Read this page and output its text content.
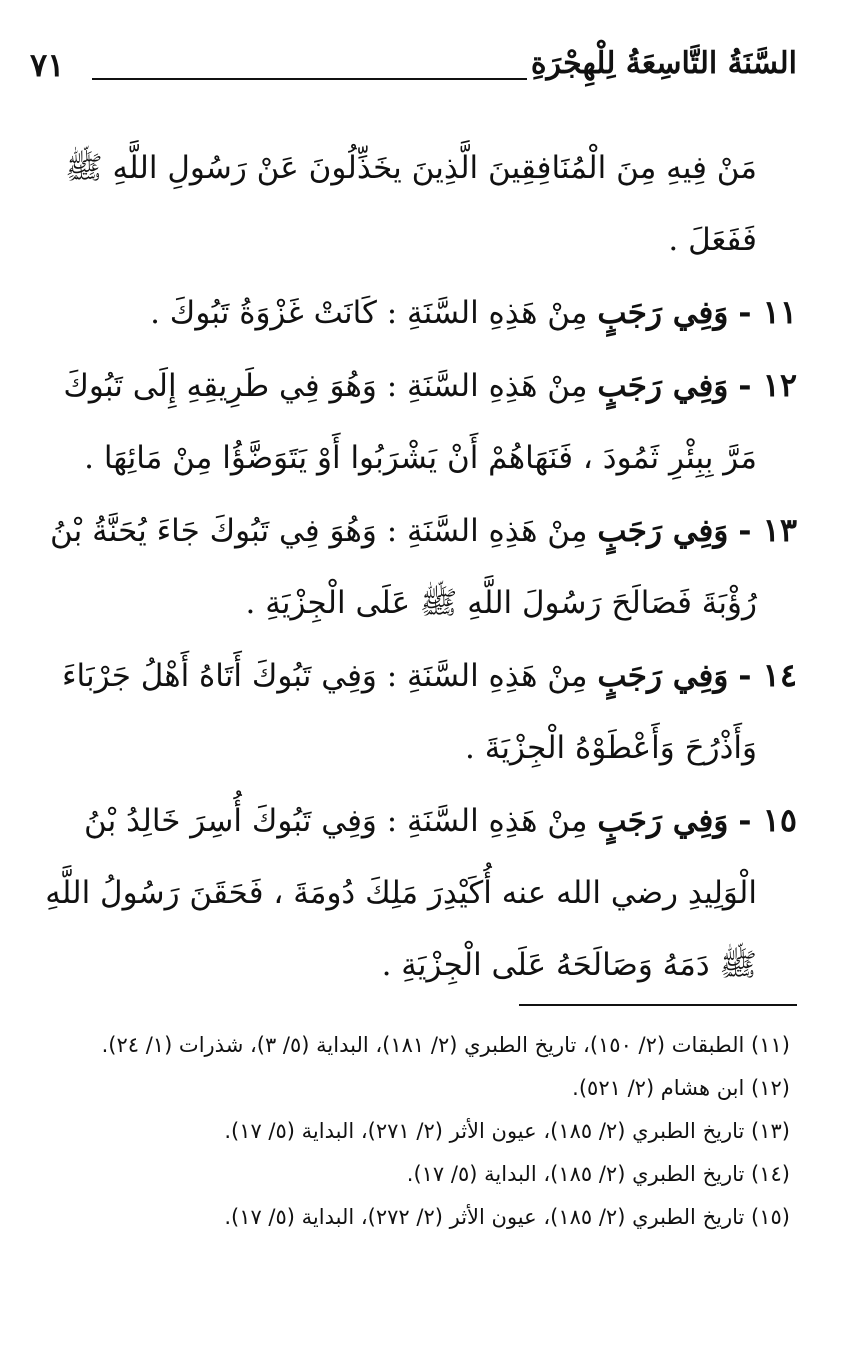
السَّنَةُ التَّاسِعَةُ لِلْهِجْرَةِ
٧١

مَنْ فِيهِ مِنَ الْمُنَافِقِينَ الَّذِينَ يخَذِّلُونَ عَنْ رَسُولِ اللَّهِ ﷺ فَفَعَلَ .

١١ - وَفِي رَجَبٍ مِنْ هَذِهِ السَّنَةِ : كَانَتْ غَزْوَةُ تَبُوكَ .

١٢ - وَفِي رَجَبٍ مِنْ هَذِهِ السَّنَةِ : وَهُوَ فِي طَرِيقِهِ إِلَى تَبُوكَ مَرَّ بِبِئْرِ ثَمُودَ ، فَنَهَاهُمْ أَنْ يَشْرَبُوا أَوْ يَتَوَضَّؤُا مِنْ مَائِهَا .

١٣ - وَفِي رَجَبٍ مِنْ هَذِهِ السَّنَةِ : وَهُوَ فِي تَبُوكَ جَاءَ يُحَنَّةُ بْنُ رُؤْبَةَ فَصَالَحَ رَسُولَ اللَّهِ ﷺ عَلَى الْجِزْيَةِ .

١٤ - وَفِي رَجَبٍ مِنْ هَذِهِ السَّنَةِ : وَفِي تَبُوكَ أَتَاهُ أَهْلُ جَرْبَاءَ وَأَذْرُحَ وَأَعْطَوْهُ الْجِزْيَةَ .

١٥ - وَفِي رَجَبٍ مِنْ هَذِهِ السَّنَةِ : وَفِي تَبُوكَ أُسِرَ خَالِدُ بْنُ الْوَلِيدِ رضي الله عنه أُكَيْدِرَ مَلِكَ دُومَةَ ، فَحَقَنَ رَسُولُ اللَّهِ ﷺ دَمَهُ وَصَالَحَهُ عَلَى الْجِزْيَةِ .

(١١) الطبقات (٢/ ١٥٠)، تاريخ الطبري (٢/ ١٨١)، البداية (٥/ ٣)، شذرات (١/ ٢٤).

(١٢) ابن هشام (٢/ ٥٢١).

(١٣) تاريخ الطبري (٢/ ١٨٥)، عيون الأثر (٢/ ٢٧١)، البداية (٥/ ١٧).

(١٤) تاريخ الطبري (٢/ ١٨٥)، البداية (٥/ ١٧).

(١٥) تاريخ الطبري (٢/ ١٨٥)، عيون الأثر (٢/ ٢٧٢)، البداية (٥/ ١٧).
